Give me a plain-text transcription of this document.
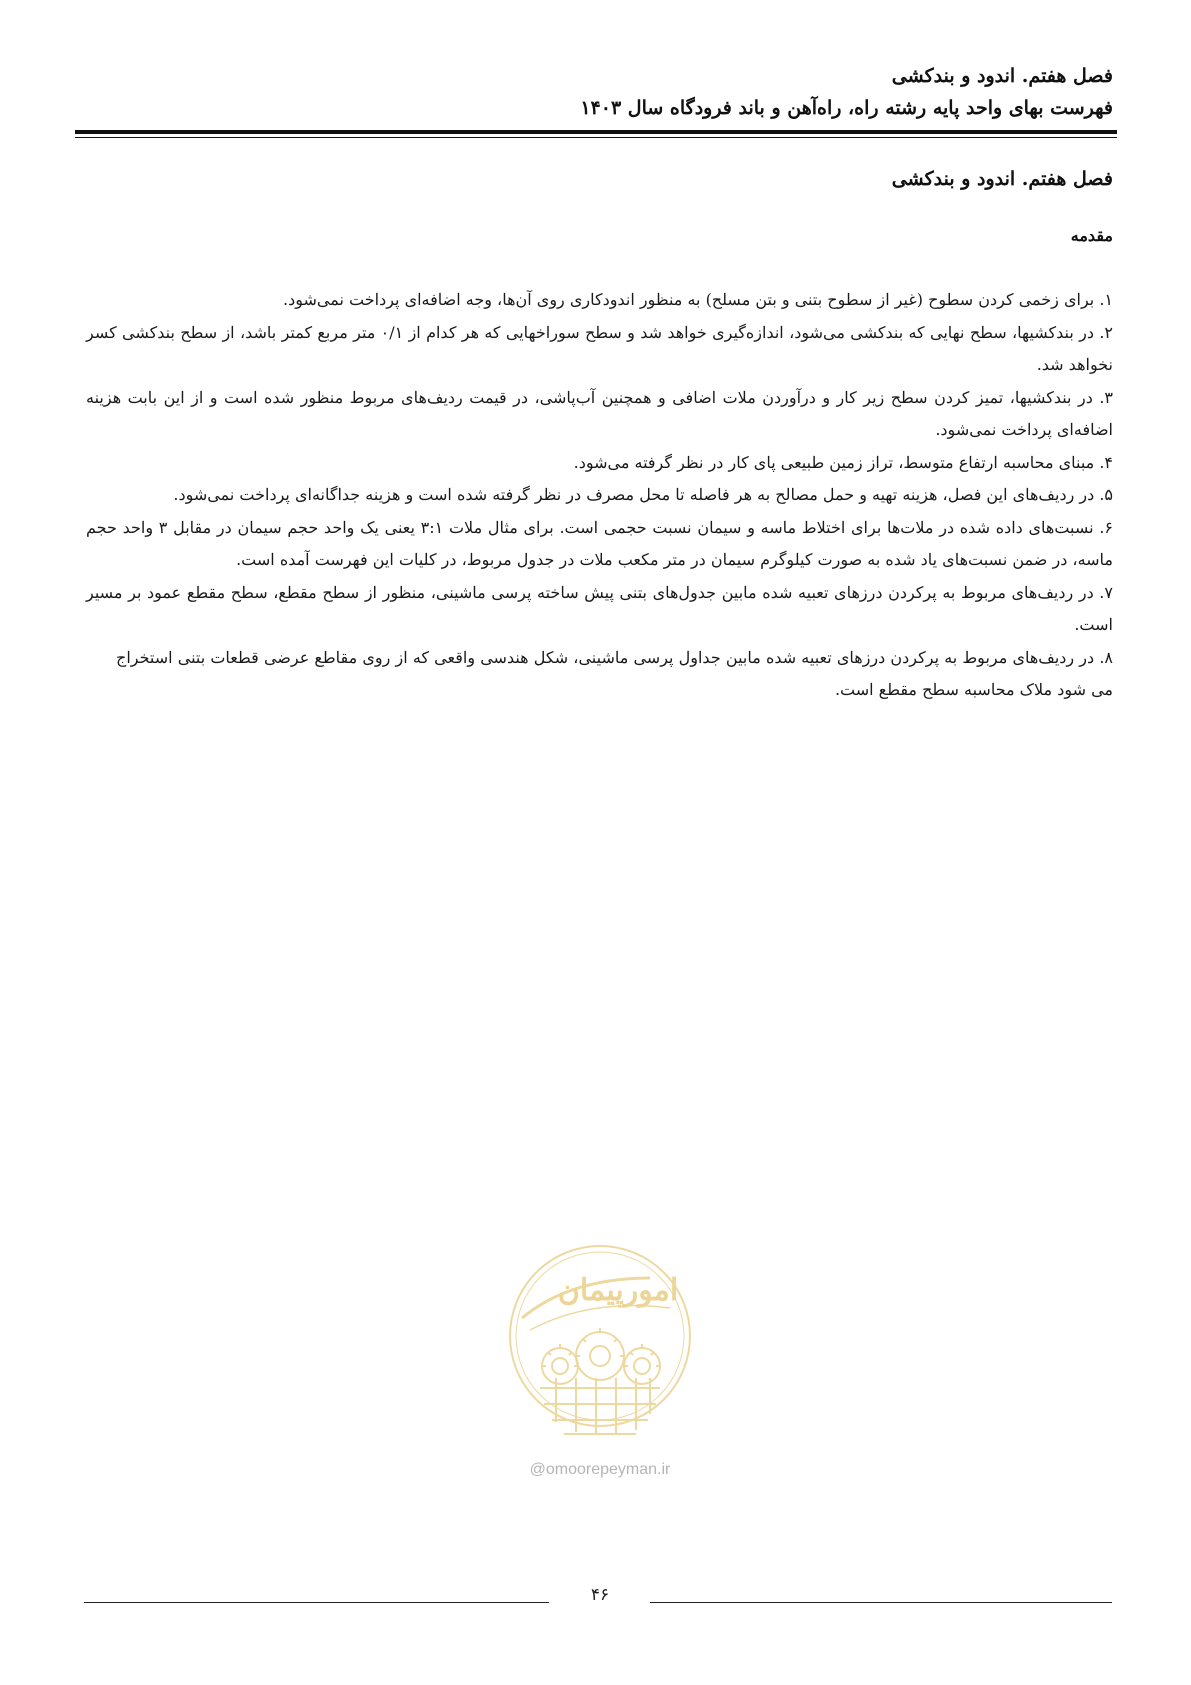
فصل هفتم. اندود و بندکشی
فهرست بهای واحد پایه رشته راه، راه‌آهن و باند فرودگاه سال ۱۴۰۳
فصل هفتم. اندود و بندکشی
مقدمه

۱. برای زخمی کردن سطوح (غیر از سطوح بتنی و بتن مسلح) به منظور اندودکاری روی آن‌ها، وجه اضافه‌ای پرداخت نمی‌شود.

۲. در بندکشیها، سطح نهایی که بندکشی می‌شود، اندازه‌گیری خواهد شد و سطح سوراخهایی که هر کدام از ۰/۱ متر مربع کمتر باشد، از سطح بندکشی کسر نخواهد شد.

۳. در بندکشیها، تمیز کردن سطح زیر کار و درآوردن ملات اضافی و همچنین آب‌پاشی، در قیمت ردیف‌های مربوط منظور شده است و از این بابت هزینه اضافه‌ای پرداخت نمی‌شود.

۴. مبنای محاسبه ارتفاع متوسط، تراز زمین طبیعی پای کار در نظر گرفته می‌شود.

۵. در ردیف‌های این فصل، هزینه تهیه و حمل مصالح به هر فاصله تا محل مصرف در نظر گرفته شده است و هزینه جداگانه‌ای پرداخت نمی‌شود.

۶. نسبت‌های داده شده در ملات‌ها برای اختلاط ماسه و سیمان نسبت حجمی است. برای مثال ملات ۳:۱ یعنی یک واحد حجم سیمان در مقابل ۳ واحد حجم ماسه، در ضمن نسبت‌های یاد شده به صورت کیلوگرم سیمان در متر مکعب ملات در جدول مربوط، در کلیات این فهرست آمده است.

۷. در ردیف‌های مربوط به پرکردن درزهای تعبیه شده مابین جدول‌های بتنی پیش ساخته پرسی ماشینی، منظور از سطح مقطع، سطح مقطع عمود بر مسیر است.

۸. در ردیف‌های مربوط به پرکردن درزهای تعبیه شده مابین جداول پرسی ماشینی، شکل هندسی واقعی که از روی مقاطع عرضی قطعات بتنی استخراج می شود ملاک محاسبه سطح مقطع است.

امورپیمان
@omoorepeyman.ir
۴۶
